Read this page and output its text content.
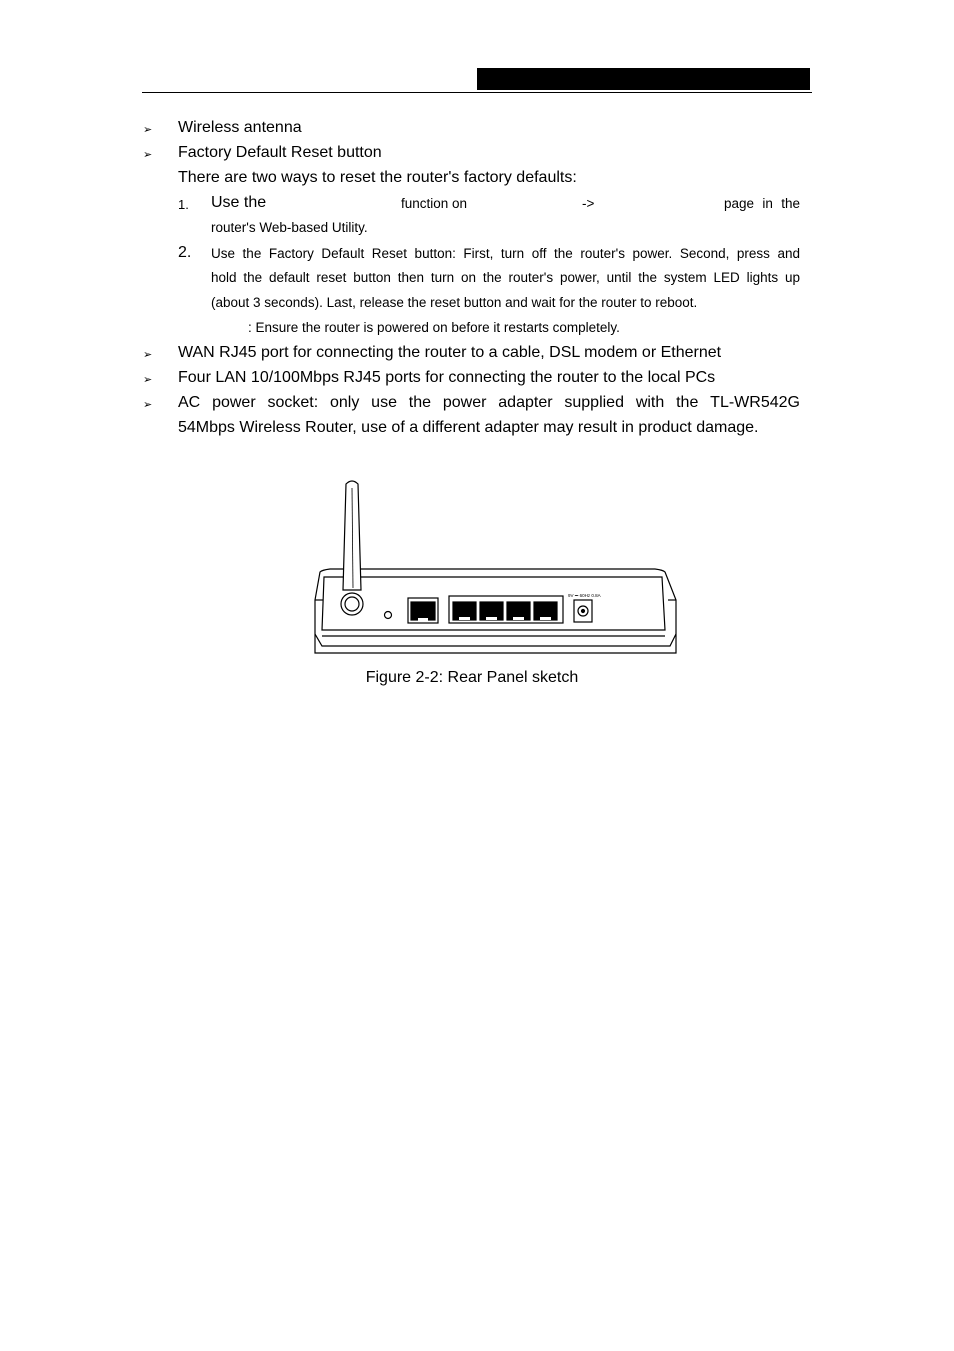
➢ Wireless antenna
➢ Factory Default Reset button
There are two ways to reset the router's factory defaults:
1. Use the	function on	->	page in the
router's Web-based Utility.
2. Use the Factory Default Reset button: First, turn off the router's power. Second, press and
hold the default reset button then turn on the router's power, until the system LED lights up
(about 3 seconds). Last, release the reset button and wait for the router to reboot.
: Ensure the router is powered on before it restarts completely.
➢ WAN RJ45 port for connecting the router to a cable, DSL modem or Ethernet
➢ Four LAN 10/100Mbps RJ45 ports for connecting the router to the local PCs
➢ AC power socket: only use the power adapter supplied with the TL-WR542G
54Mbps Wireless Router, use of a different adapter may result in product damage.
9V ⎓ 60Hz 0.8A
Figure 2-2: Rear Panel sketch
